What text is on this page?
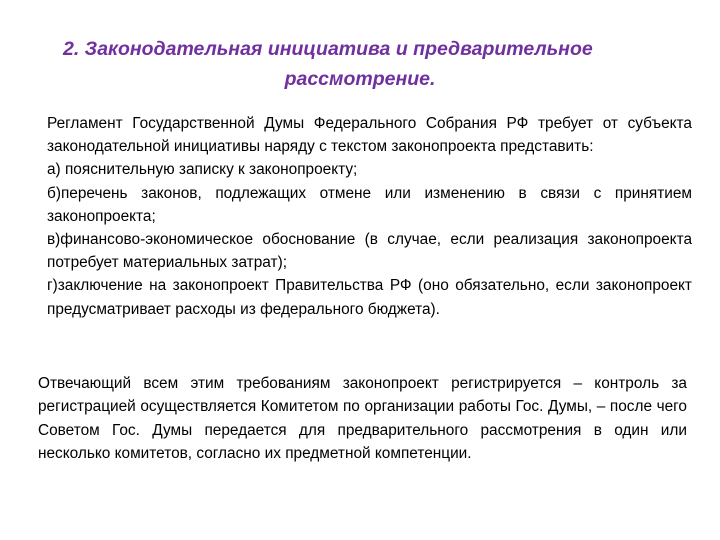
2. Законодательная инициатива и предварительное
рассмотрение.

Регламент Государственной Думы Федерального Собрания РФ требует от субъекта законодательной инициативы наряду с текстом законопроекта представить:

а) пояснительную записку к законопроекту;

б)перечень законов, подлежащих отмене или изменению в связи с принятием законопроекта;

в)финансово-экономическое обоснование (в случае, если реализация законопроекта потребует материальных затрат);

г)заключение на законопроект Правительства РФ (оно обязательно, если законопроект предусматривает расходы из федерального бюджета).

Отвечающий всем этим требованиям законопроект регистрируется – контроль за регистрацией осуществляется Комитетом по организации работы Гос. Думы, – после чего Советом Гос. Думы передается для предварительного рассмотрения в один или несколько комитетов, согласно их предметной компетенции.
